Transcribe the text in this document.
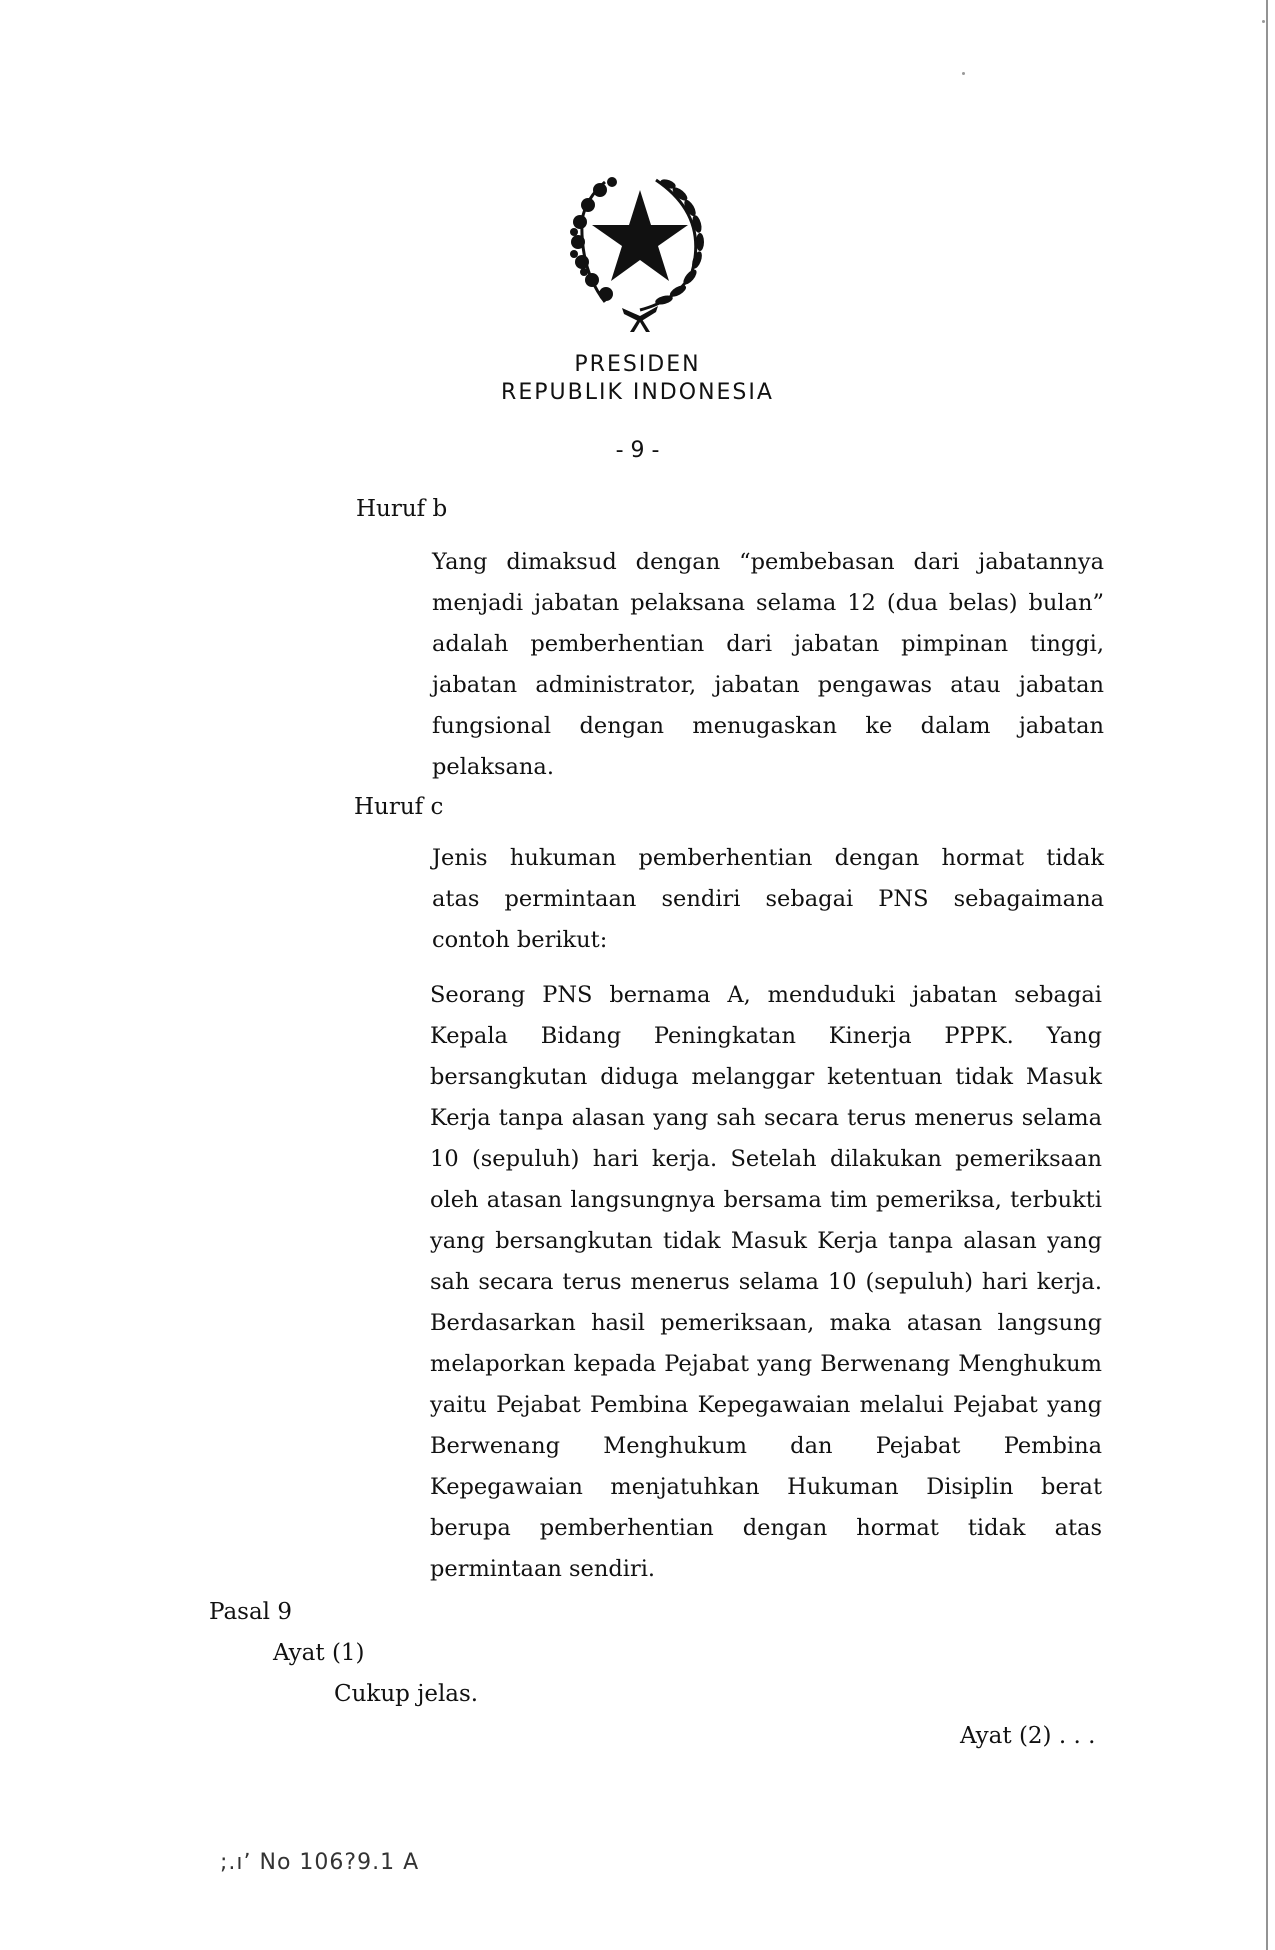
PRESIDEN
REPUBLIK INDONESIA
- 9 -
Huruf b
Yang dimaksud dengan “pembebasan dari jabatannya
menjadi jabatan pelaksana selama 12 (dua belas) bulan”
adalah pemberhentian dari jabatan pimpinan tinggi,
jabatan administrator, jabatan pengawas atau jabatan
fungsional dengan menugaskan ke dalam jabatan
pelaksana.
Huruf c
Jenis hukuman pemberhentian dengan hormat tidak
atas permintaan sendiri sebagai PNS sebagaimana
contoh berikut:
Seorang PNS bernama A, menduduki jabatan sebagai
Kepala Bidang Peningkatan Kinerja PPPK. Yang
bersangkutan diduga melanggar ketentuan tidak Masuk
Kerja tanpa alasan yang sah secara terus menerus selama
10 (sepuluh) hari kerja. Setelah dilakukan pemeriksaan
oleh atasan langsungnya bersama tim pemeriksa, terbukti
yang bersangkutan tidak Masuk Kerja tanpa alasan yang
sah secara terus menerus selama 10 (sepuluh) hari kerja.
Berdasarkan hasil pemeriksaan, maka atasan langsung
melaporkan kepada Pejabat yang Berwenang Menghukum
yaitu Pejabat Pembina Kepegawaian melalui Pejabat yang
Berwenang Menghukum dan Pejabat Pembina
Kepegawaian menjatuhkan Hukuman Disiplin berat
berupa pemberhentian dengan hormat tidak atas
permintaan sendiri.
Pasal 9
Ayat (1)
Cukup jelas.
Ayat (2) . . .
;.ıʼ No 106?9.1 A
